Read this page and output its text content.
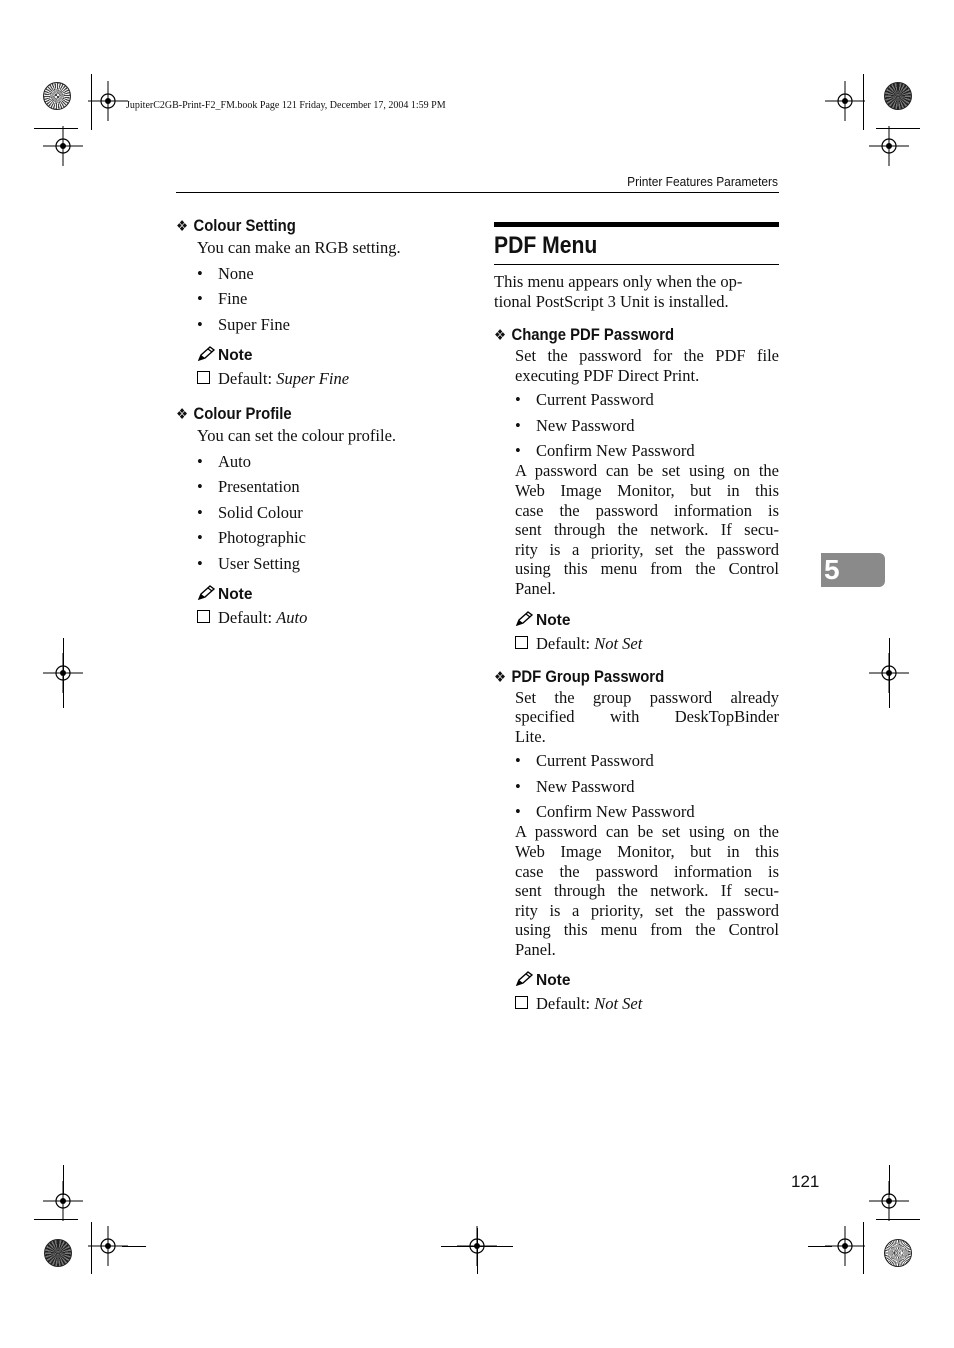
JupiterC2GB-Print-F2_FM.book Page 121 Friday, December 17, 2004 1:59 PM
Printer Features Parameters
5
❖ Colour Setting
You can make an RGB setting.
• None
• Fine
• Super Fine
Note
Default: Super Fine
❖ Colour Profile
You can set the colour profile.
• Auto
• Presentation
• Solid Colour
• Photographic
• User Setting
Note
Default: Auto
PDF Menu
This menu appears only when the op-
tional PostScript 3 Unit is installed.
❖ Change PDF Password
Set the password for the PDF file
executing PDF Direct Print.
• Current Password
• New Password
• Confirm New Password
A password can be set using on the
Web Image Monitor, but in this
case the password information is
sent through the network. If secu-
rity is a priority, set the password
using this menu from the Control
Panel.
Note
Default: Not Set
❖ PDF Group Password
Set the group password already
specified with DeskTopBinder
Lite.
• Current Password
• New Password
• Confirm New Password
A password can be set using on the
Web Image Monitor, but in this
case the password information is
sent through the network. If secu-
rity is a priority, set the password
using this menu from the Control
Panel.
Note
Default: Not Set
121
